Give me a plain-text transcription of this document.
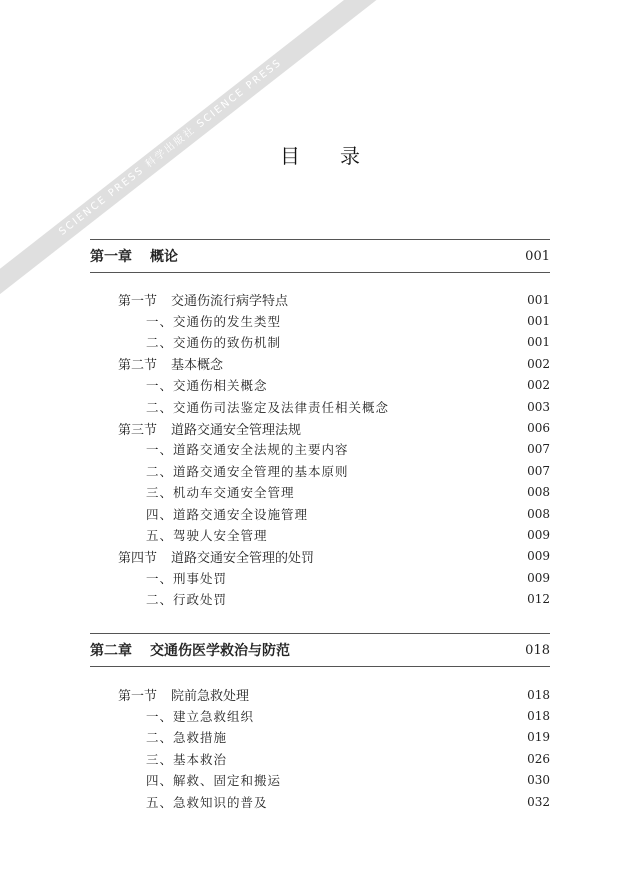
SCIENCE PRESS 科学出版社 SCIENCE PRESS
目录
第一章 概论	001
第一节 交通伤流行病学特点	001
一、交通伤的发生类型	001
二、交通伤的致伤机制	001
第二节 基本概念	002
一、交通伤相关概念	002
二、交通伤司法鉴定及法律责任相关概念	003
第三节 道路交通安全管理法规	006
一、道路交通安全法规的主要内容	007
二、道路交通安全管理的基本原则	007
三、机动车交通安全管理	008
四、道路交通安全设施管理	008
五、驾驶人安全管理	009
第四节 道路交通安全管理的处罚	009
一、刑事处罚	009
二、行政处罚	012
第二章 交通伤医学救治与防范	018
第一节 院前急救处理	018
一、建立急救组织	018
二、急救措施	019
三、基本救治	026
四、解救、固定和搬运	030
五、急救知识的普及	032
